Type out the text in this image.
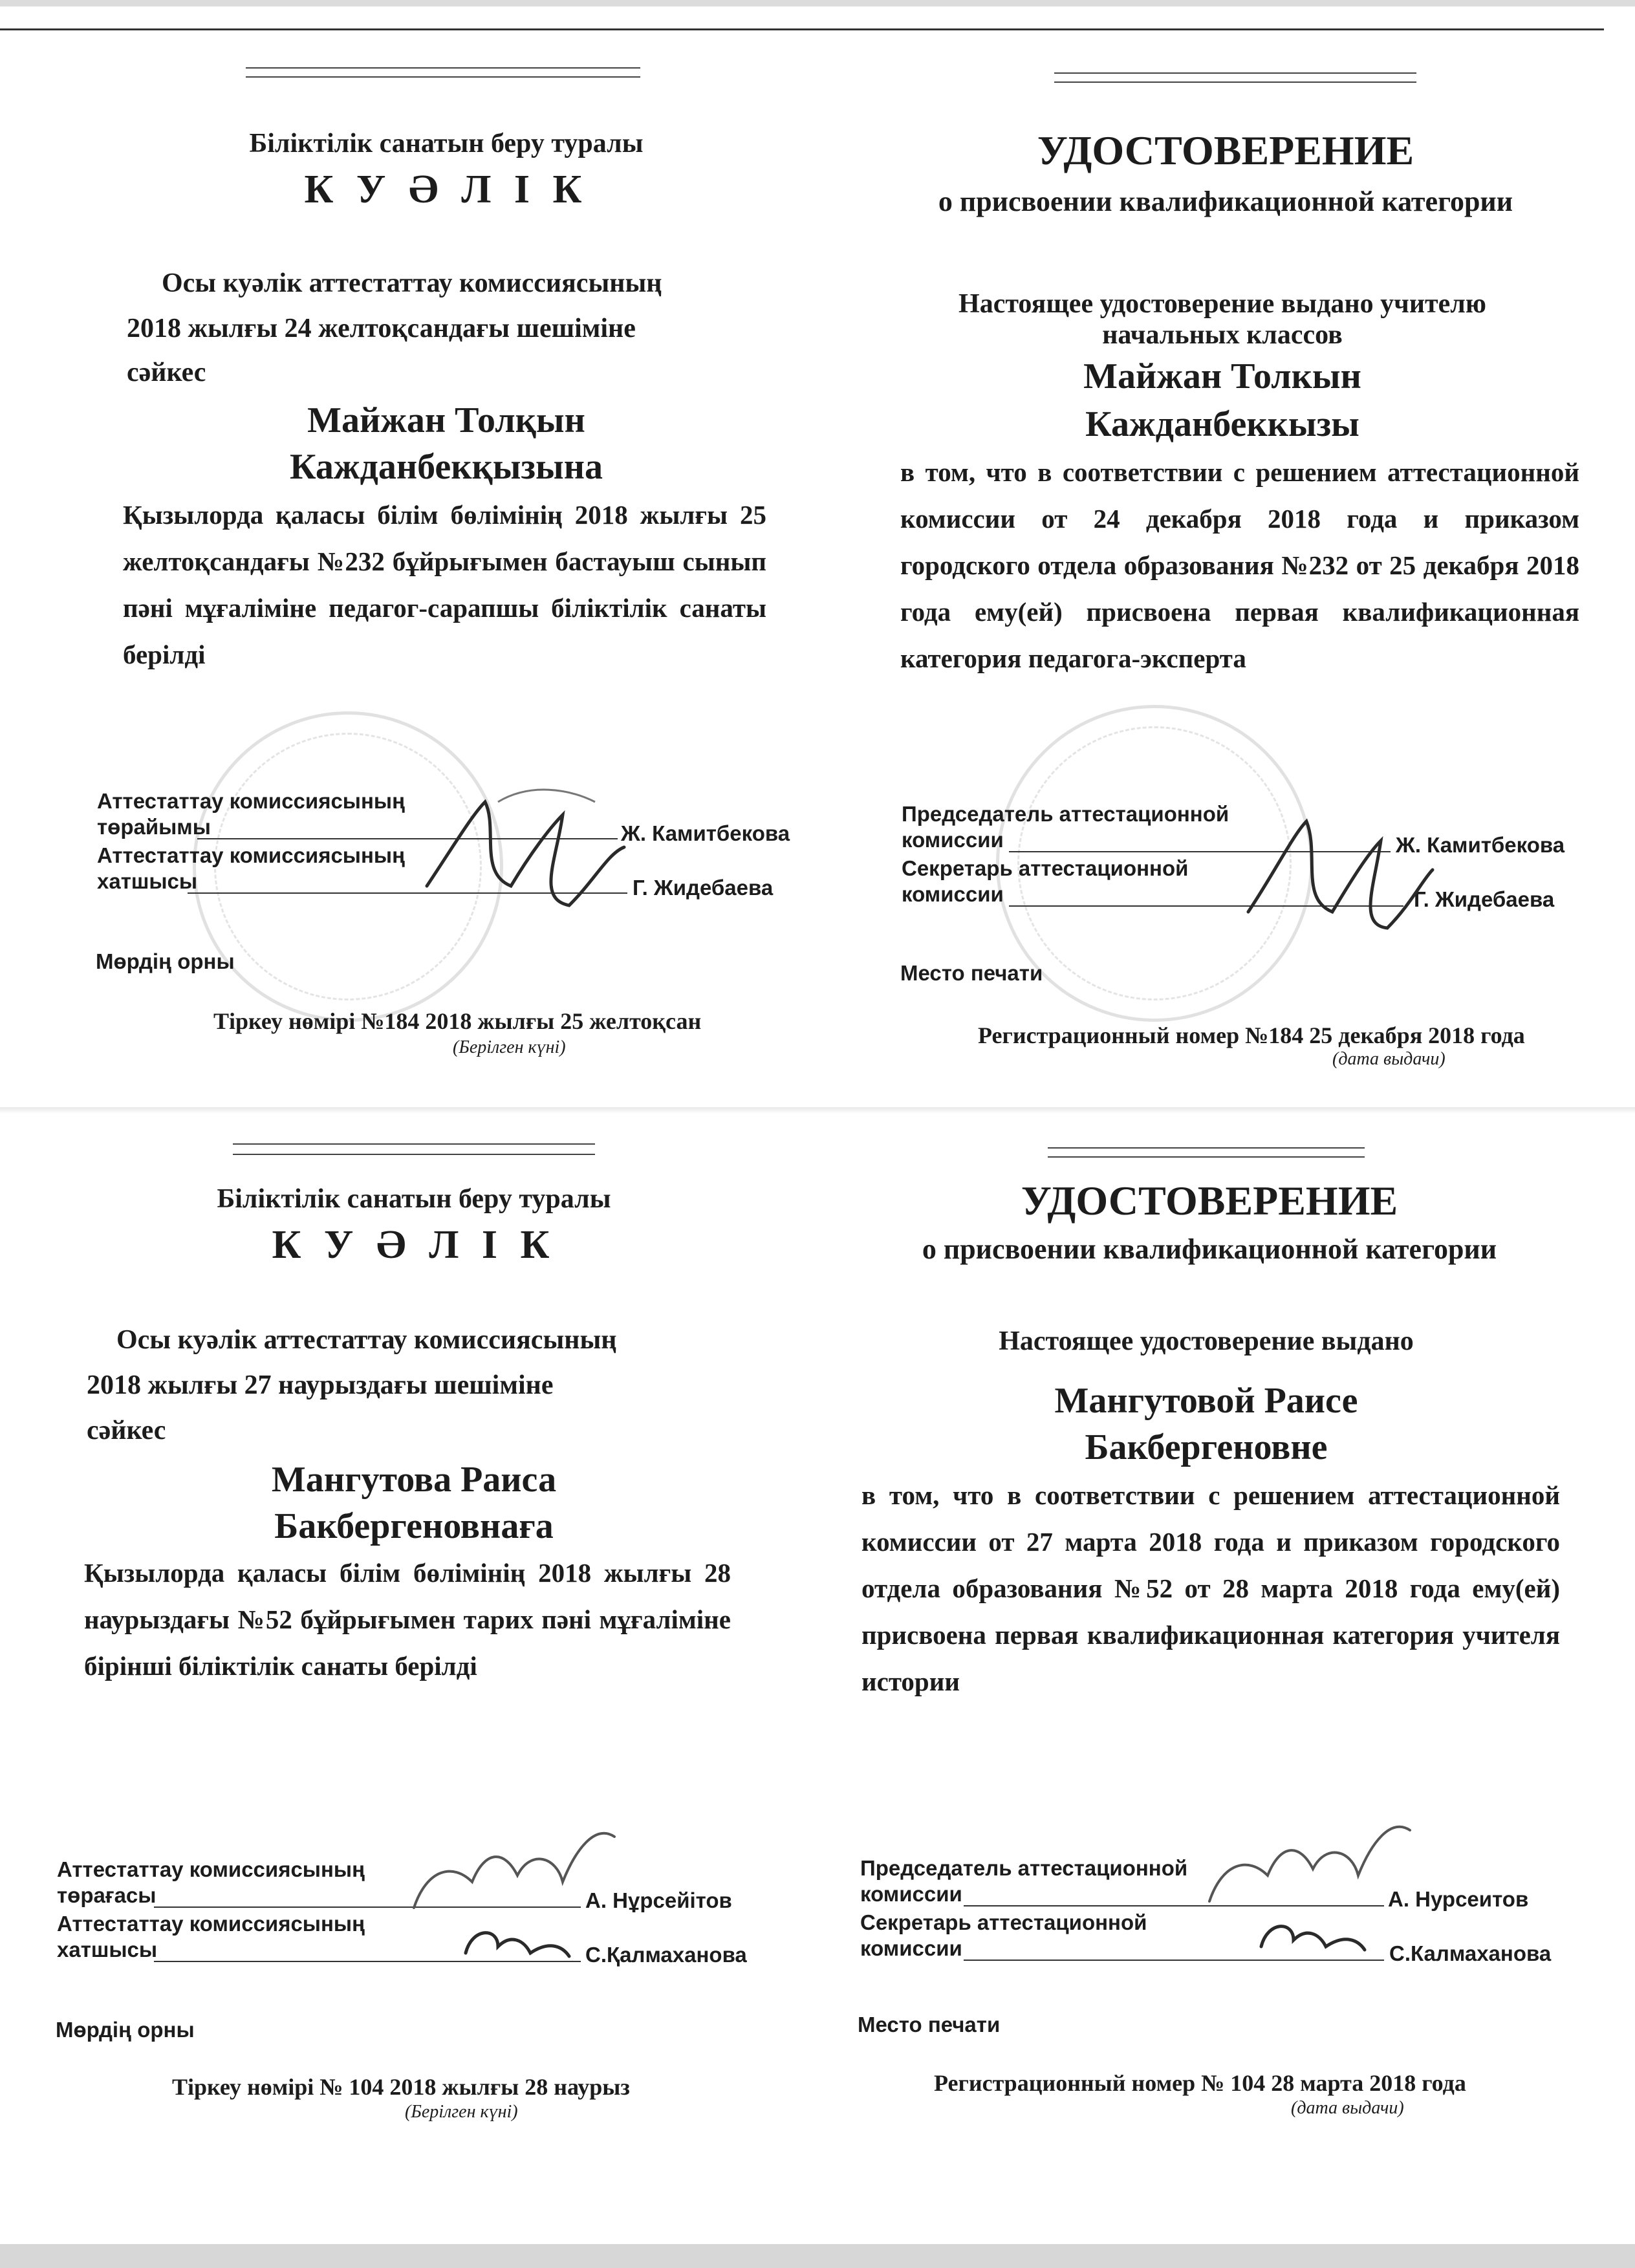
Біліктілік санатын беру туралы
К У Ә Л І К
Осы куәлік аттестаттау комиссиясының
2018 жылғы 24 желтоқсандағы шешіміне
сәйкес
Майжан Толқын
Кажданбекқызына
Қызылорда қаласы білім бөлімінің 2018 жылғы 25 желтоқсандағы №232 бұйрығымен бастауыш сынып пәні мұғаліміне педагог-сарапшы біліктілік санаты берілді
Аттестаттау комиссиясының
төрайымы	Ж. Камитбекова
Аттестаттау комиссиясының
хатшысы	Г. Жидебаева
Мөрдің орны
Тіркеу нөмірі №184 2018 жылғы 25 желтоқсан
(Берілген күні)
УДОСТОВЕРЕНИЕ
о присвоении квалификационной категории
Настоящее удостоверение выдано учителю
начальных классов
Майжан Толкын
Кажданбеккызы
в том, что в соответствии с решением аттестационной комиссии от 24 декабря 2018 года и приказом городского отдела образования №232 от 25 декабря 2018 года ему(ей) присвоена первая квалификационная категория педагога-эксперта
Председатель аттестационной
комиссии	Ж. Камитбекова
Секретарь аттестационной
комиссии	Г. Жидебаева
Место печати
Регистрационный номер №184 25 декабря 2018 года
(дата выдачи)
Біліктілік санатын беру туралы
К У Ә Л І К
Осы куәлік аттестаттау комиссиясының
2018 жылғы 27 наурыздағы шешіміне
сәйкес
Мангутова Раиса
Бакбергеновнаға
Қызылорда қаласы білім бөлімінің 2018 жылғы 28 наурыздағы №52 бұйрығымен тарих пәні мұғаліміне бірінші біліктілік санаты берілді
Аттестаттау комиссиясының
төрағасы	А. Нұрсейітов
Аттестаттау комиссиясының
хатшысы	С.Қалмаханова
Мөрдің орны
Тіркеу нөмірі № 104 2018 жылғы 28 наурыз
(Берілген күні)
УДОСТОВЕРЕНИЕ
о присвоении квалификационной категории
Настоящее удостоверение выдано
Мангутовой Раисе
Бакбергеновне
в том, что в соответствии с решением аттестационной комиссии от 27 марта 2018 года и приказом городского отдела образования №52 от 28 марта 2018 года ему(ей) присвоена первая квалификационная категория учителя истории
Председатель аттестационной
комиссии	А. Нурсеитов
Секретарь аттестационной
комиссии	С.Калмаханова
Место печати
Регистрационный номер № 104 28 марта 2018 года
(дата выдачи)
